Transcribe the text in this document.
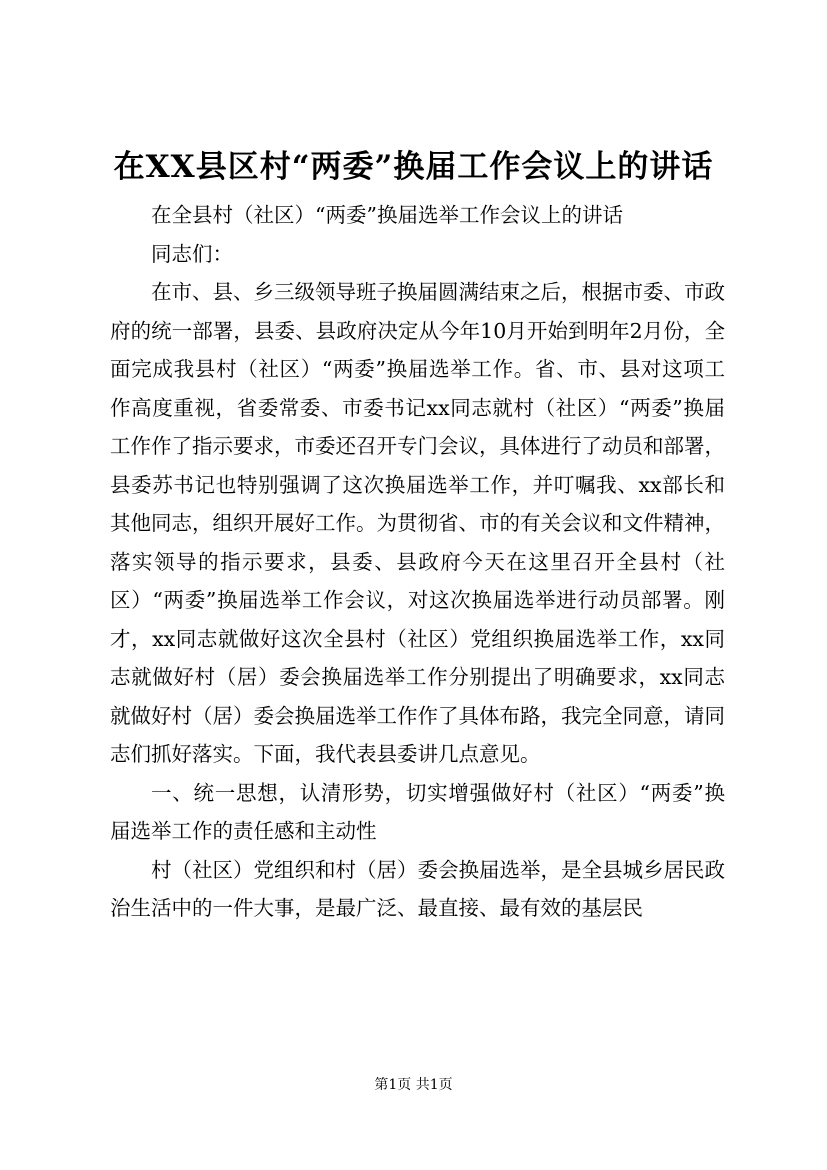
在XX县区村“两委”换届工作会议上的讲话

在全县村（社区）“两委”换届选举工作会议上的讲话

同志们：

在市、县、乡三级领导班子换届圆满结束之后，根据市委、市政府的统一部署，县委、县政府决定从今年10月开始到明年2月份，全面完成我县村（社区）“两委”换届选举工作。省、市、县对这项工作高度重视，省委常委、市委书记xx同志就村（社区）“两委”换届工作作了指示要求，市委还召开专门会议，具体进行了动员和部署，县委苏书记也特别强调了这次换届选举工作，并叮嘱我、xx部长和其他同志，组织开展好工作。为贯彻省、市的有关会议和文件精神，落实领导的指示要求，县委、县政府今天在这里召开全县村（社区）“两委”换届选举工作会议，对这次换届选举进行动员部署。刚才，xx同志就做好这次全县村（社区）党组织换届选举工作，xx同志就做好村（居）委会换届选举工作分别提出了明确要求，xx同志就做好村（居）委会换届选举工作作了具体布路，我完全同意，请同志们抓好落实。下面，我代表县委讲几点意见。

一、统一思想，认清形势，切实增强做好村（社区）“两委”换届选举工作的责任感和主动性

村（社区）党组织和村（居）委会换届选举，是全县城乡居民政治生活中的一件大事，是最广泛、最直接、最有效的基层民

第1页 共1页
